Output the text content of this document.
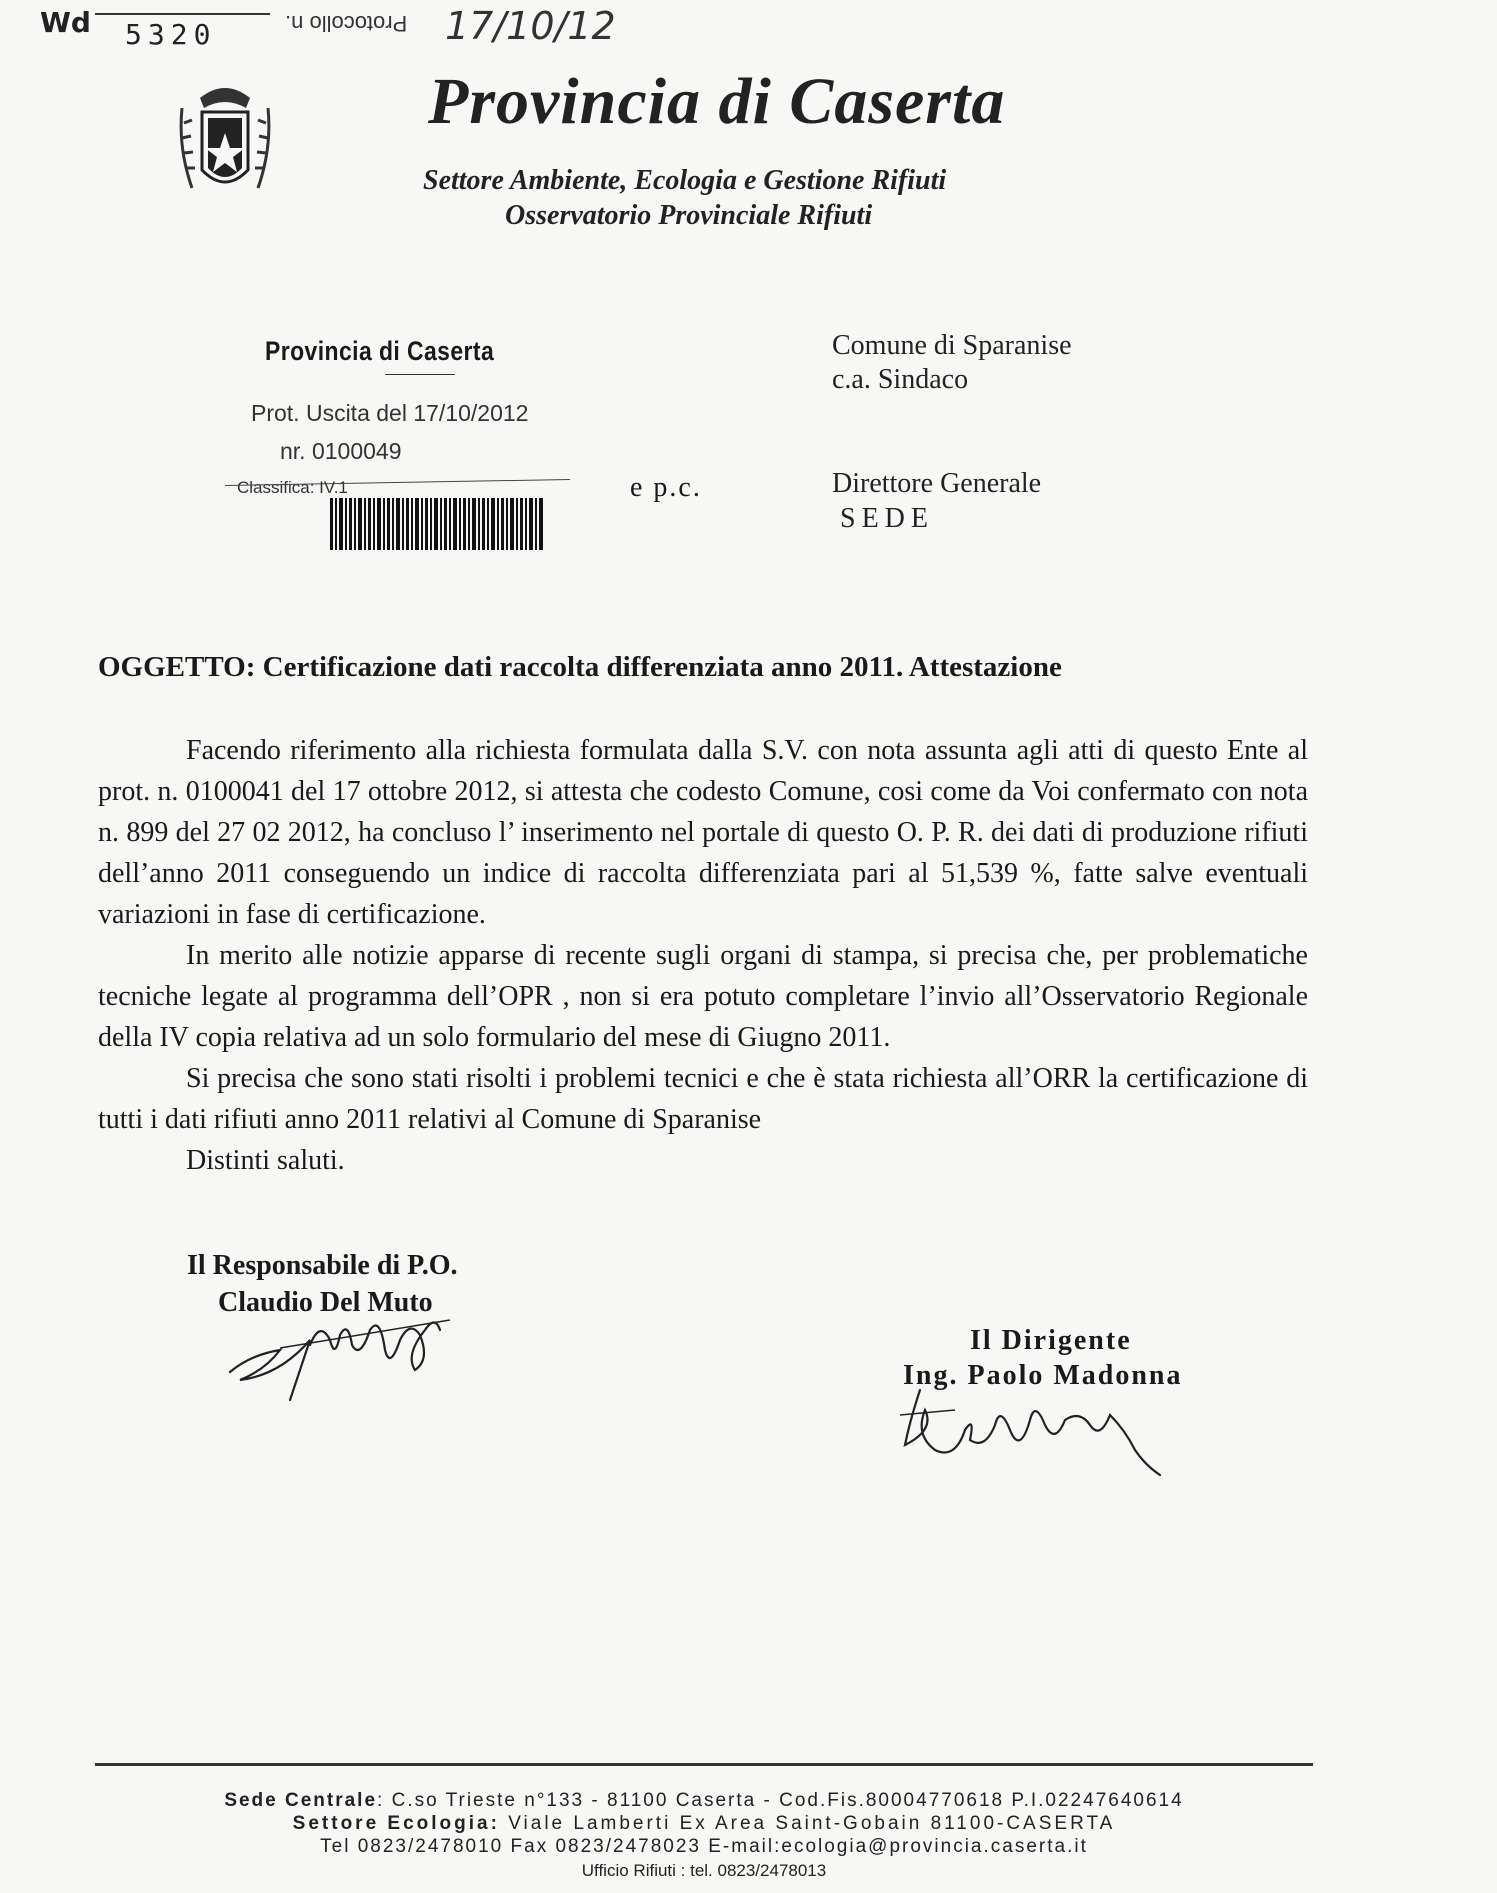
Wd 5320	Protocollo n. 17/10/12
Provincia di Caserta
Settore Ambiente, Ecologia e Gestione Rifiuti
Osservatorio Provinciale Rifiuti
Provincia di Caserta
Prot. Uscita del 17/10/2012
nr. 0100049
Classifica: IV.1
Comune di Sparanise
c.a. Sindaco
e p.c.	Direttore Generale
SEDE
OGGETTO: Certificazione dati raccolta differenziata anno 2011. Attestazione

Facendo riferimento alla richiesta formulata dalla S.V. con nota assunta agli atti di questo Ente al prot. n. 0100041 del 17 ottobre 2012, si attesta che codesto Comune, cosi come da Voi confermato con nota n. 899 del 27 02 2012, ha concluso l’ inserimento nel portale di questo O. P. R. dei dati di produzione rifiuti dell’anno 2011 conseguendo un indice di raccolta differenziata pari al 51,539 %, fatte salve eventuali variazioni in fase di certificazione.

In merito alle notizie apparse di recente sugli organi di stampa, si precisa che, per problematiche tecniche legate al programma dell’OPR , non si era potuto completare l’invio all’Osservatorio Regionale della IV copia relativa ad un solo formulario del mese di Giugno 2011.

Si precisa che sono stati risolti i problemi tecnici e che è stata richiesta all’ORR la certificazione di tutti i dati rifiuti anno 2011 relativi al Comune di Sparanise

Distinti saluti.

Il Responsabile di P.O.
Claudio Del Muto
Il Dirigente
Ing. Paolo Madonna
Sede Centrale: C.so Trieste n°133 - 81100 Caserta - Cod.Fis.80004770618 P.I.02247640614
Settore Ecologia: Viale Lamberti Ex Area Saint-Gobain 81100-CASERTA
Tel 0823/2478010 Fax 0823/2478023 E-mail:ecologia@provincia.caserta.it
Ufficio Rifiuti : tel. 0823/2478013
